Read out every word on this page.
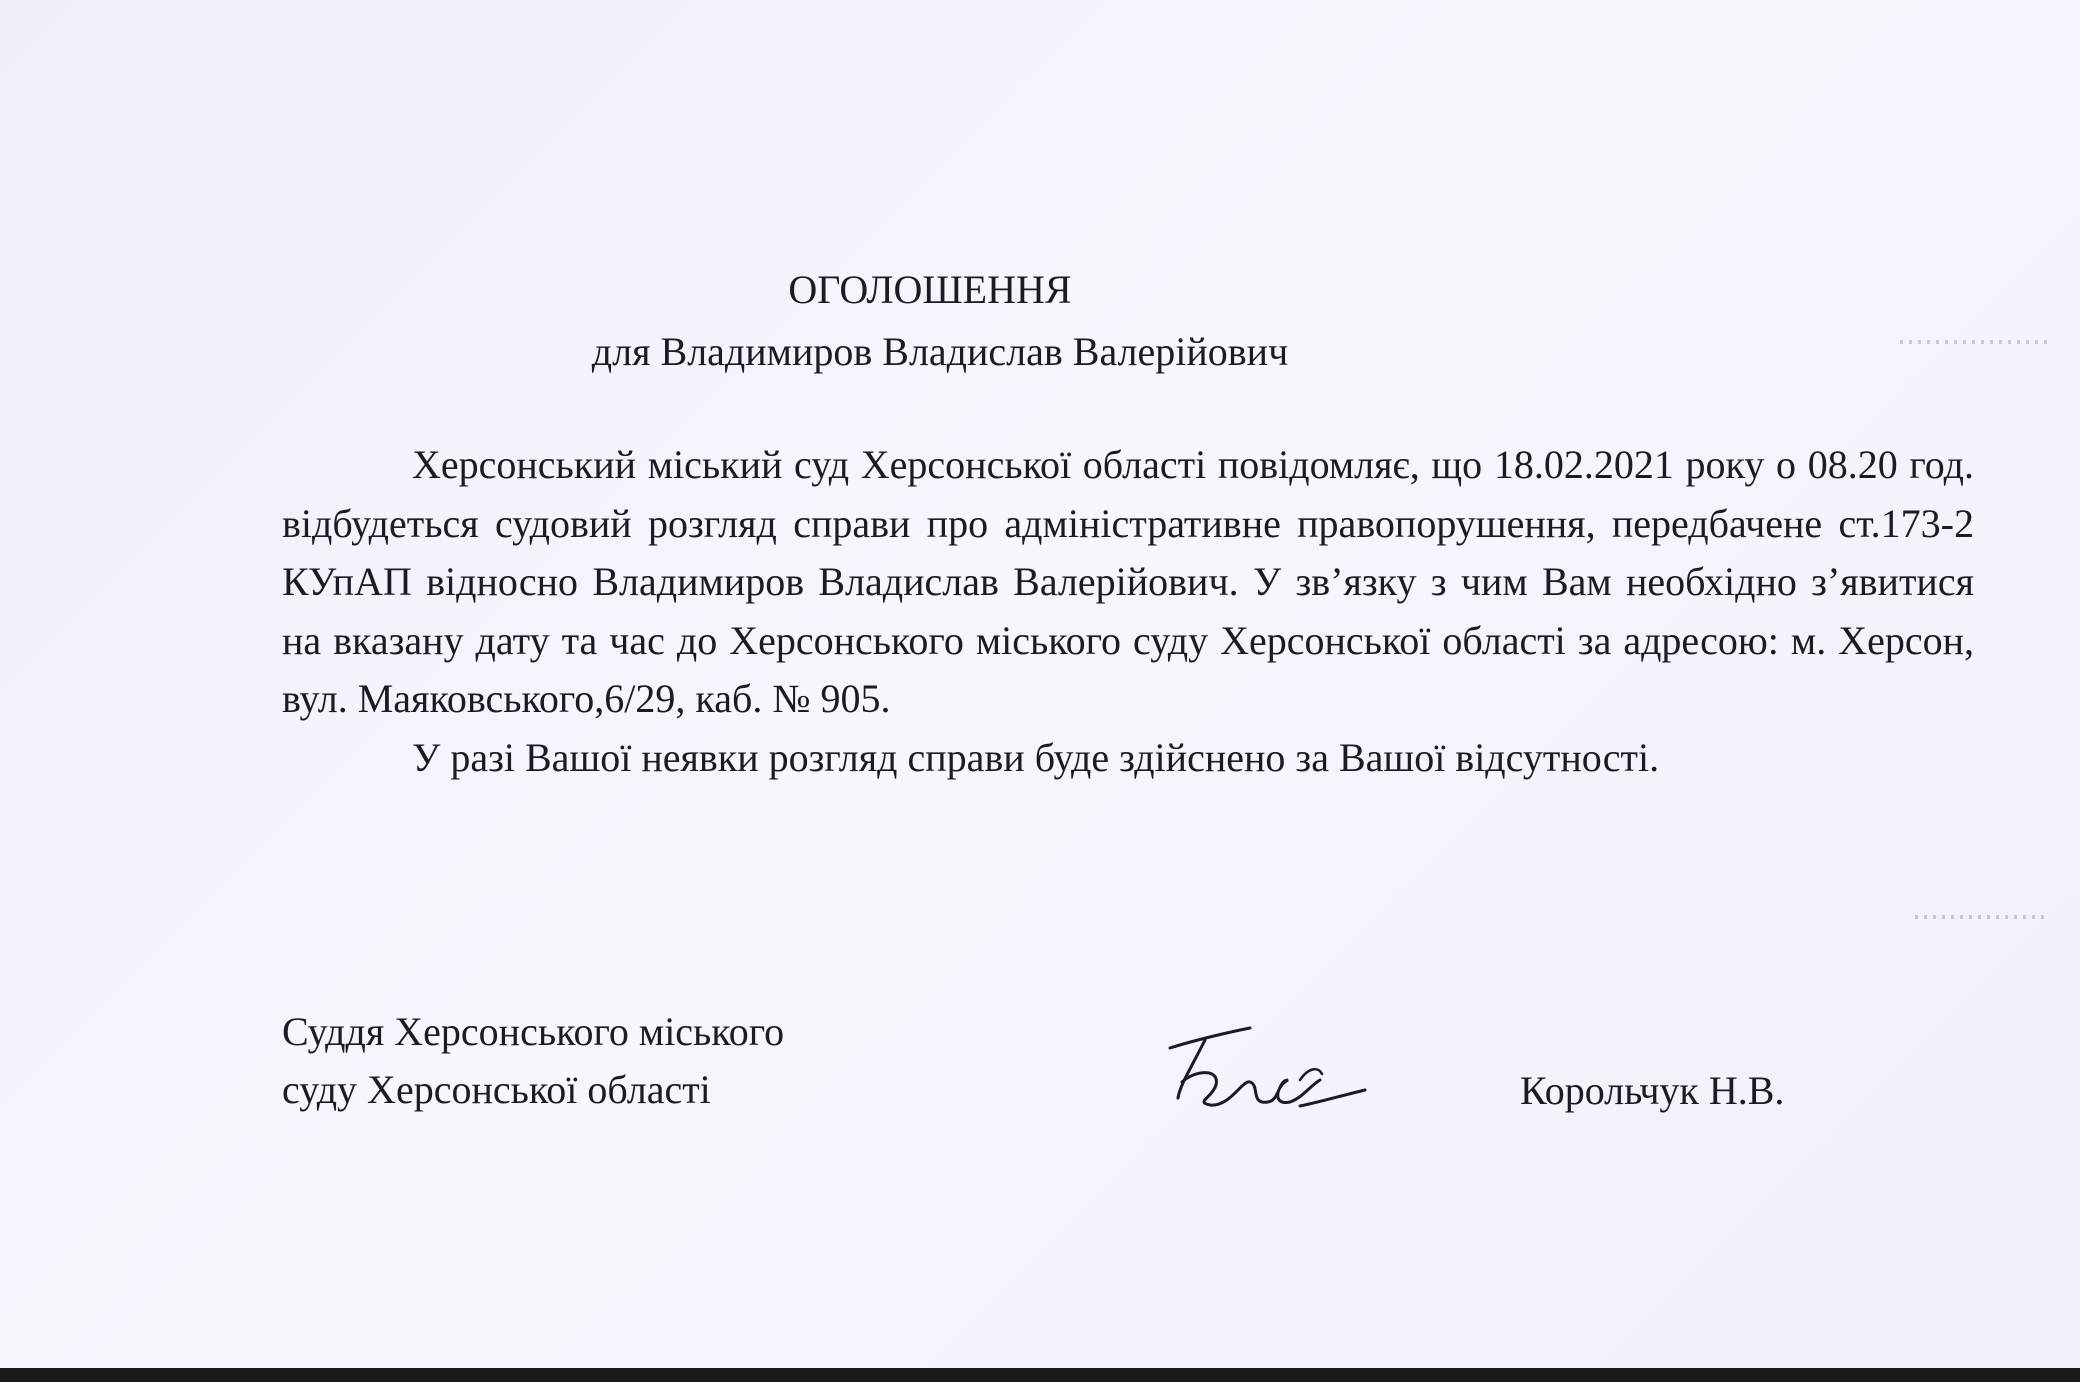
ОГОЛОШЕННЯ
для Владимиров Владислав Валерійович

Херсонський міський суд Херсонської області повідомляє, що 18.02.2021 року о 08.20 год. відбудеться судовий розгляд справи про адміністративне правопорушення, передбачене ст.173-2 КУпАП відносно Владимиров Владислав Валерійович. У зв’язку з чим Вам необхідно з’явитися на вказану дату та час до Херсонського міського суду Херсонської області за адресою: м. Херсон, вул. Маяковського,6/29, каб. № 905.

У разі Вашої неявки розгляд справи буде здійснено за Вашої відсутності.

Суддя Херсонського міського
суду Херсонської області	Корольчук Н.В.
